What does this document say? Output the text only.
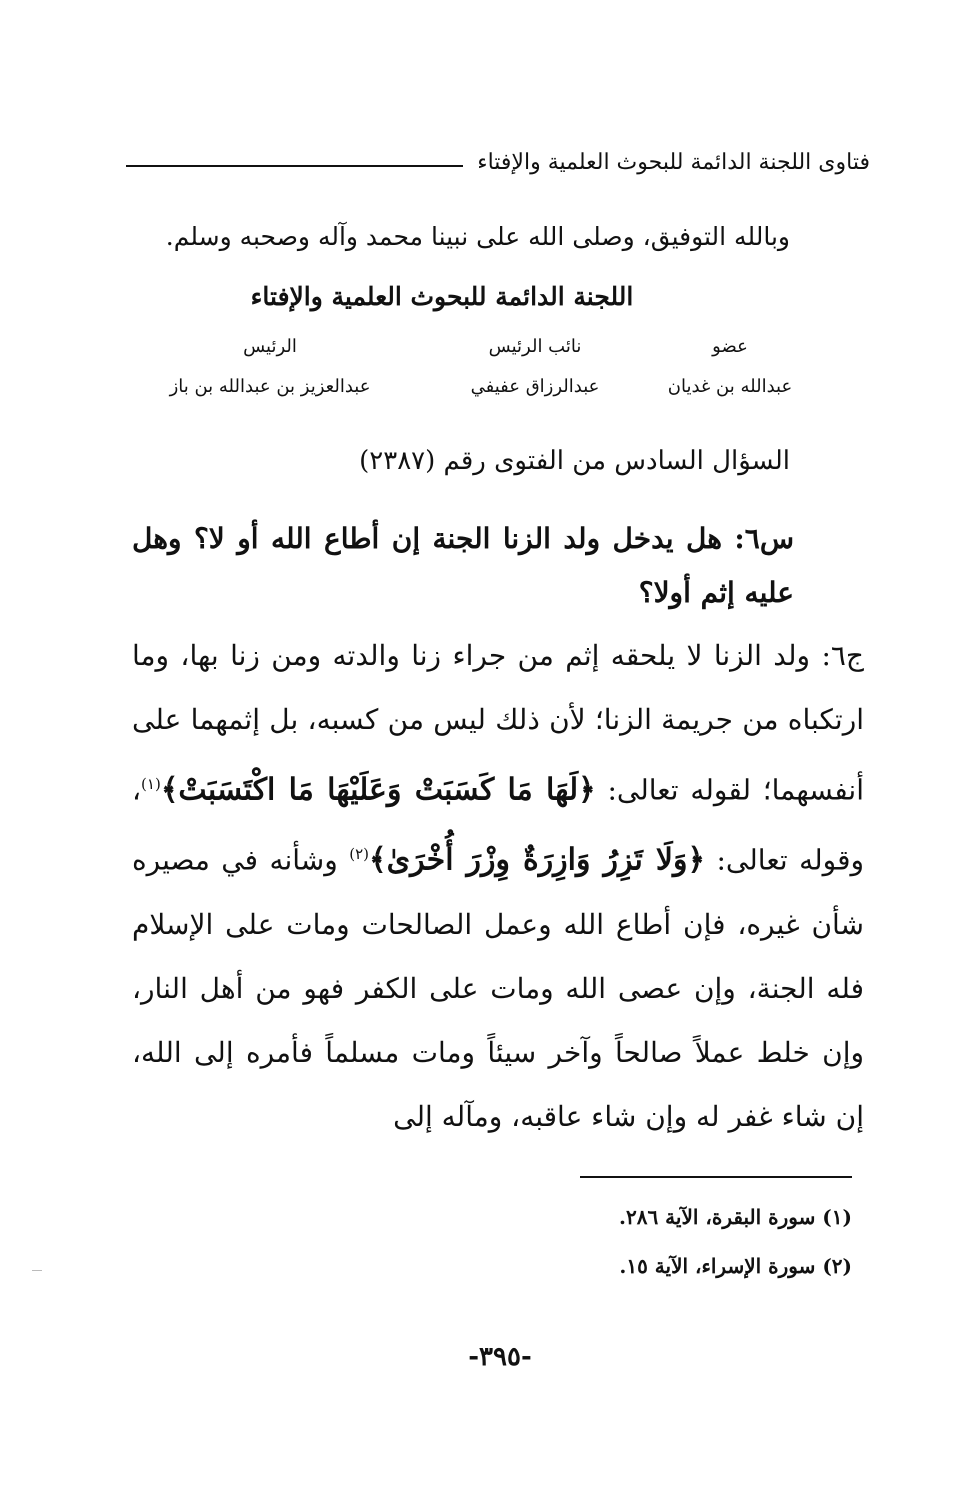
فتاوى اللجنة الدائمة للبحوث العلمية والإفتاء
وبالله التوفيق، وصلى الله على نبينا محمد وآله وصحبه وسلم.
اللجنة الدائمة للبحوث العلمية والإفتاء
عضو
عبدالله بن غديان
نائب الرئيس
عبدالرزاق عفيفي
الرئيس
عبدالعزيز بن عبدالله بن باز
السؤال السادس من الفتوى رقم (٢٣٨٧)
س٦: هل يدخل ولد الزنا الجنة إن أطاع الله أو لا؟ وهل عليه إثم أولا؟
ج٦: ولد الزنا لا يلحقه إثم من جراء زنا والدته ومن زنا بها، وما ارتكباه من جريمة الزنا؛ لأن ذلك ليس من كسبه، بل إثمهما على أنفسهما؛ لقوله تعالى: ﴿لَهَا مَا كَسَبَتْ وَعَلَيْهَا مَا اكْتَسَبَتْ﴾$^{(١)}$، وقوله تعالى: ﴿وَلَا تَزِرُ وَازِرَةٌ وِزْرَ أُخْرَىٰ﴾$^{(٢)}$ وشأنه في مصيره شأن غيره، فإن أطاع الله وعمل الصالحات ومات على الإسلام فله الجنة، وإن عصى الله ومات على الكفر فهو من أهل النار، وإن خلط عملاً صالحاً وآخر سيئاً ومات مسلماً فأمره إلى الله، إن شاء غفر له وإن شاء عاقبه، ومآله إلى
(١) سورة البقرة، الآية ٢٨٦.
(٢) سورة الإسراء، الآية ١٥.
-٣٩٥-
